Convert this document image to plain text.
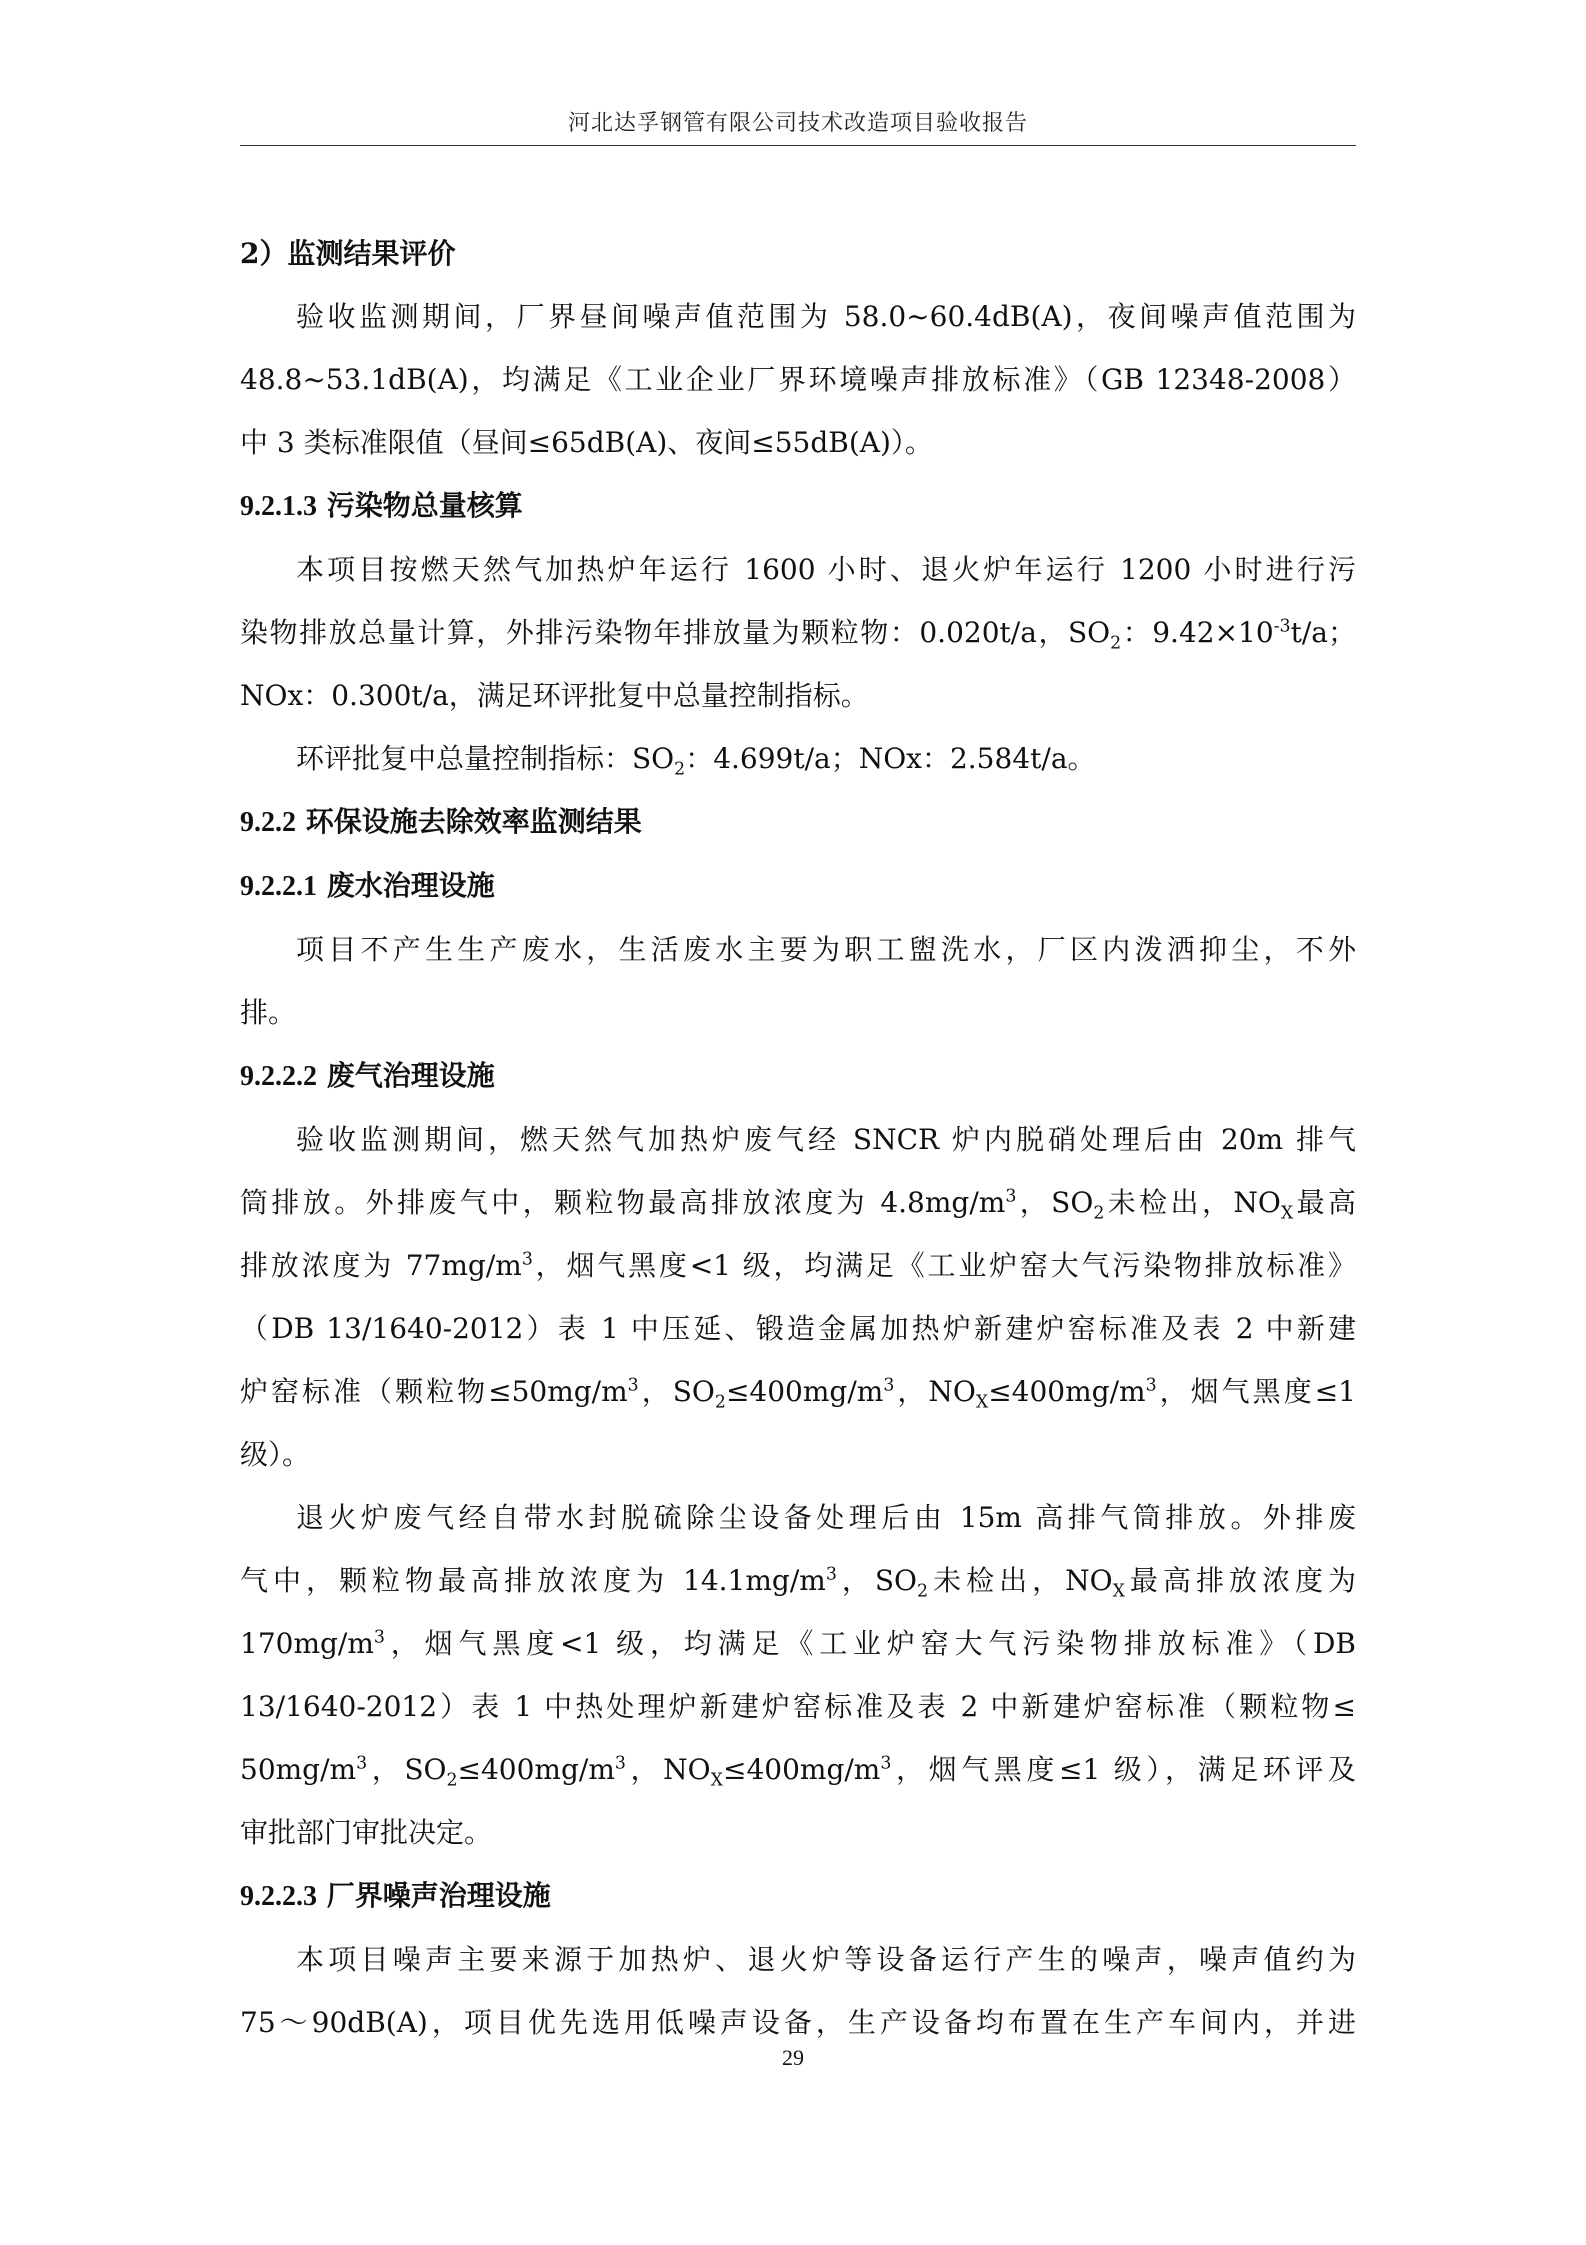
河北达孚钢管有限公司技术改造项目验收报告
2）监测结果评价
验收监测期间，厂界昼间噪声值范围为 58.0~60.4dB(A)，夜间噪声值范围为
48.8~53.1dB(A)，均满足《工业企业厂界环境噪声排放标准》（GB 12348-2008）
中 3 类标准限值（昼间≤65dB(A)、夜间≤55dB(A)）。
9.2.1.3 污染物总量核算
本项目按燃天然气加热炉年运行 1600 小时、退火炉年运行 1200 小时进行污
染物排放总量计算，外排污染物年排放量为颗粒物：0.020t/a，$SO_2$：$9.42\times 10^{-3}t/a$；
NOx：0.300t/a，满足环评批复中总量控制指标。
环评批复中总量控制指标：$SO_2$：4.699t/a；NOx：2.584t/a。
9.2.2 环保设施去除效率监测结果
9.2.2.1 废水治理设施
项目不产生生产废水，生活废水主要为职工盥洗水，厂区内泼洒抑尘，不外
排。
9.2.2.2 废气治理设施
验收监测期间，燃天然气加热炉废气经 SNCR 炉内脱硝处理后由 20m 排气
筒排放。外排废气中，颗粒物最高排放浓度为 $4.8mg/m^3$，$SO_2$未检出，$NO_X$最高
排放浓度为 $77mg/m^3$，烟气黑度<1 级，均满足《工业炉窑大气污染物排放标准》
（DB 13/1640-2012）表 1 中压延、锻造金属加热炉新建炉窑标准及表 2 中新建
炉窑标准（颗粒物$\le 50mg/m^3$，$SO_2\le 400mg/m^3$，$NO_X\le 400mg/m^3$，烟气黑度≤1
级）。
退火炉废气经自带水封脱硫除尘设备处理后由 15m 高排气筒排放。外排废
气中，颗粒物最高排放浓度为 $14.1mg/m^3$，$SO_2$未检出，$NO_X$最高排放浓度为
$170mg/m^3$，烟气黑度<1 级，均满足《工业炉窑大气污染物排放标准》（DB
13/1640-2012）表 1 中热处理炉新建炉窑标准及表 2 中新建炉窑标准（颗粒物≤
$50mg/m^3$，$SO_2\le 400mg/m^3$，$NO_X\le 400mg/m^3$，烟气黑度≤1 级），满足环评及
审批部门审批决定。
9.2.2.3 厂界噪声治理设施
本项目噪声主要来源于加热炉、退火炉等设备运行产生的噪声，噪声值约为
75～90dB(A)，项目优先选用低噪声设备，生产设备均布置在生产车间内，并进
29
